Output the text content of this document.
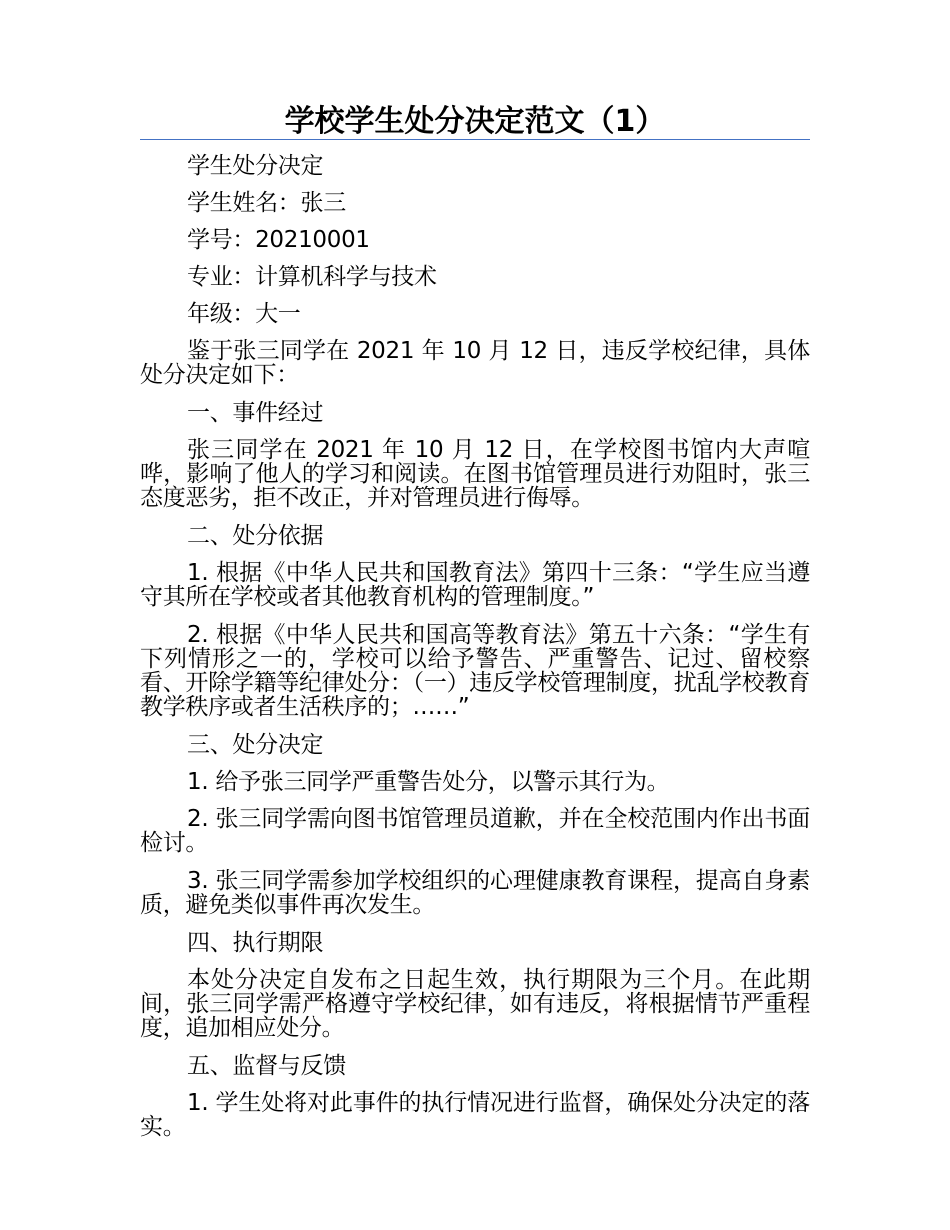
学校学生处分决定范文（1）

学生处分决定

学生姓名：张三

学号：20210001

专业：计算机科学与技术

年级：大一

鉴于张三同学在 2021 年 10 月 12 日，违反学校纪律，具体处分决定如下：

一、事件经过

张三同学在 2021 年 10 月 12 日，在学校图书馆内大声喧哗，影响了他人的学习和阅读。在图书馆管理员进行劝阻时，张三态度恶劣，拒不改正，并对管理员进行侮辱。

二、处分依据

1. 根据《中华人民共和国教育法》第四十三条：“学生应当遵守其所在学校或者其他教育机构的管理制度。”

2. 根据《中华人民共和国高等教育法》第五十六条：“学生有下列情形之一的，学校可以给予警告、严重警告、记过、留校察看、开除学籍等纪律处分：（一）违反学校管理制度，扰乱学校教育教学秩序或者生活秩序的；……”

三、处分决定

1. 给予张三同学严重警告处分，以警示其行为。

2. 张三同学需向图书馆管理员道歉，并在全校范围内作出书面检讨。

3. 张三同学需参加学校组织的心理健康教育课程，提高自身素质，避免类似事件再次发生。

四、执行期限

本处分决定自发布之日起生效，执行期限为三个月。在此期间，张三同学需严格遵守学校纪律，如有违反，将根据情节严重程度，追加相应处分。

五、监督与反馈

1. 学生处将对此事件的执行情况进行监督，确保处分决定的落实。
